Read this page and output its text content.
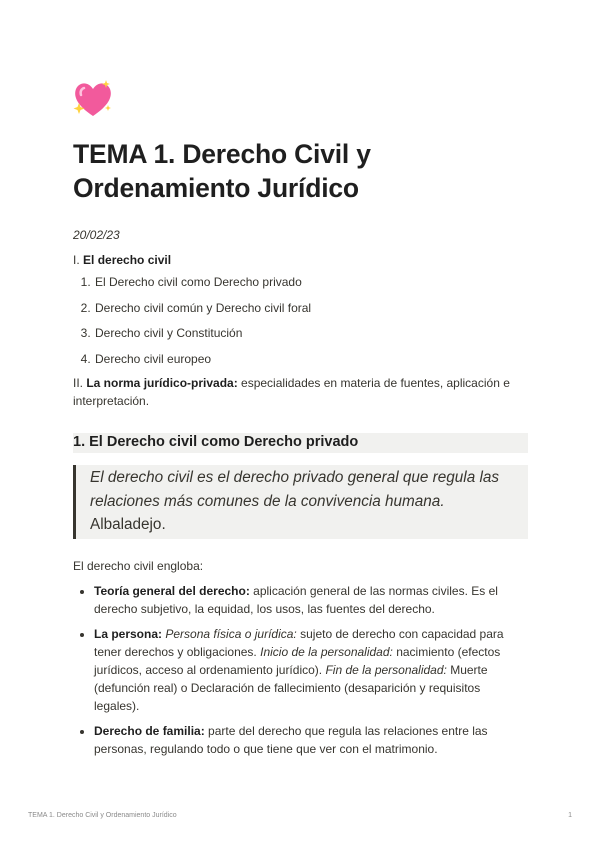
TEMA 1. Derecho Civil y Ordenamiento Jurídico
20/02/23
I. El derecho civil
1. El Derecho civil como Derecho privado
2. Derecho civil común y Derecho civil foral
3. Derecho civil y Constitución
4. Derecho civil europeo
II. La norma jurídico-privada: especialidades en materia de fuentes, aplicación e interpretación.
1. El Derecho civil como Derecho privado
El derecho civil es el derecho privado general que regula las relaciones más comunes de la convivencia humana. Albaladejo.
El derecho civil engloba:
• Teoría general del derecho: aplicación general de las normas civiles. Es el derecho subjetivo, la equidad, los usos, las fuentes del derecho.
• La persona: Persona física o jurídica: sujeto de derecho con capacidad para tener derechos y obligaciones. Inicio de la personalidad: nacimiento (efectos jurídicos, acceso al ordenamiento jurídico). Fin de la personalidad: Muerte (defunción real) o Declaración de fallecimiento (desaparición y requisitos legales).
• Derecho de familia: parte del derecho que regula las relaciones entre las personas, regulando todo o que tiene que ver con el matrimonio.
TEMA 1. Derecho Civil y Ordenamiento Jurídico	1
